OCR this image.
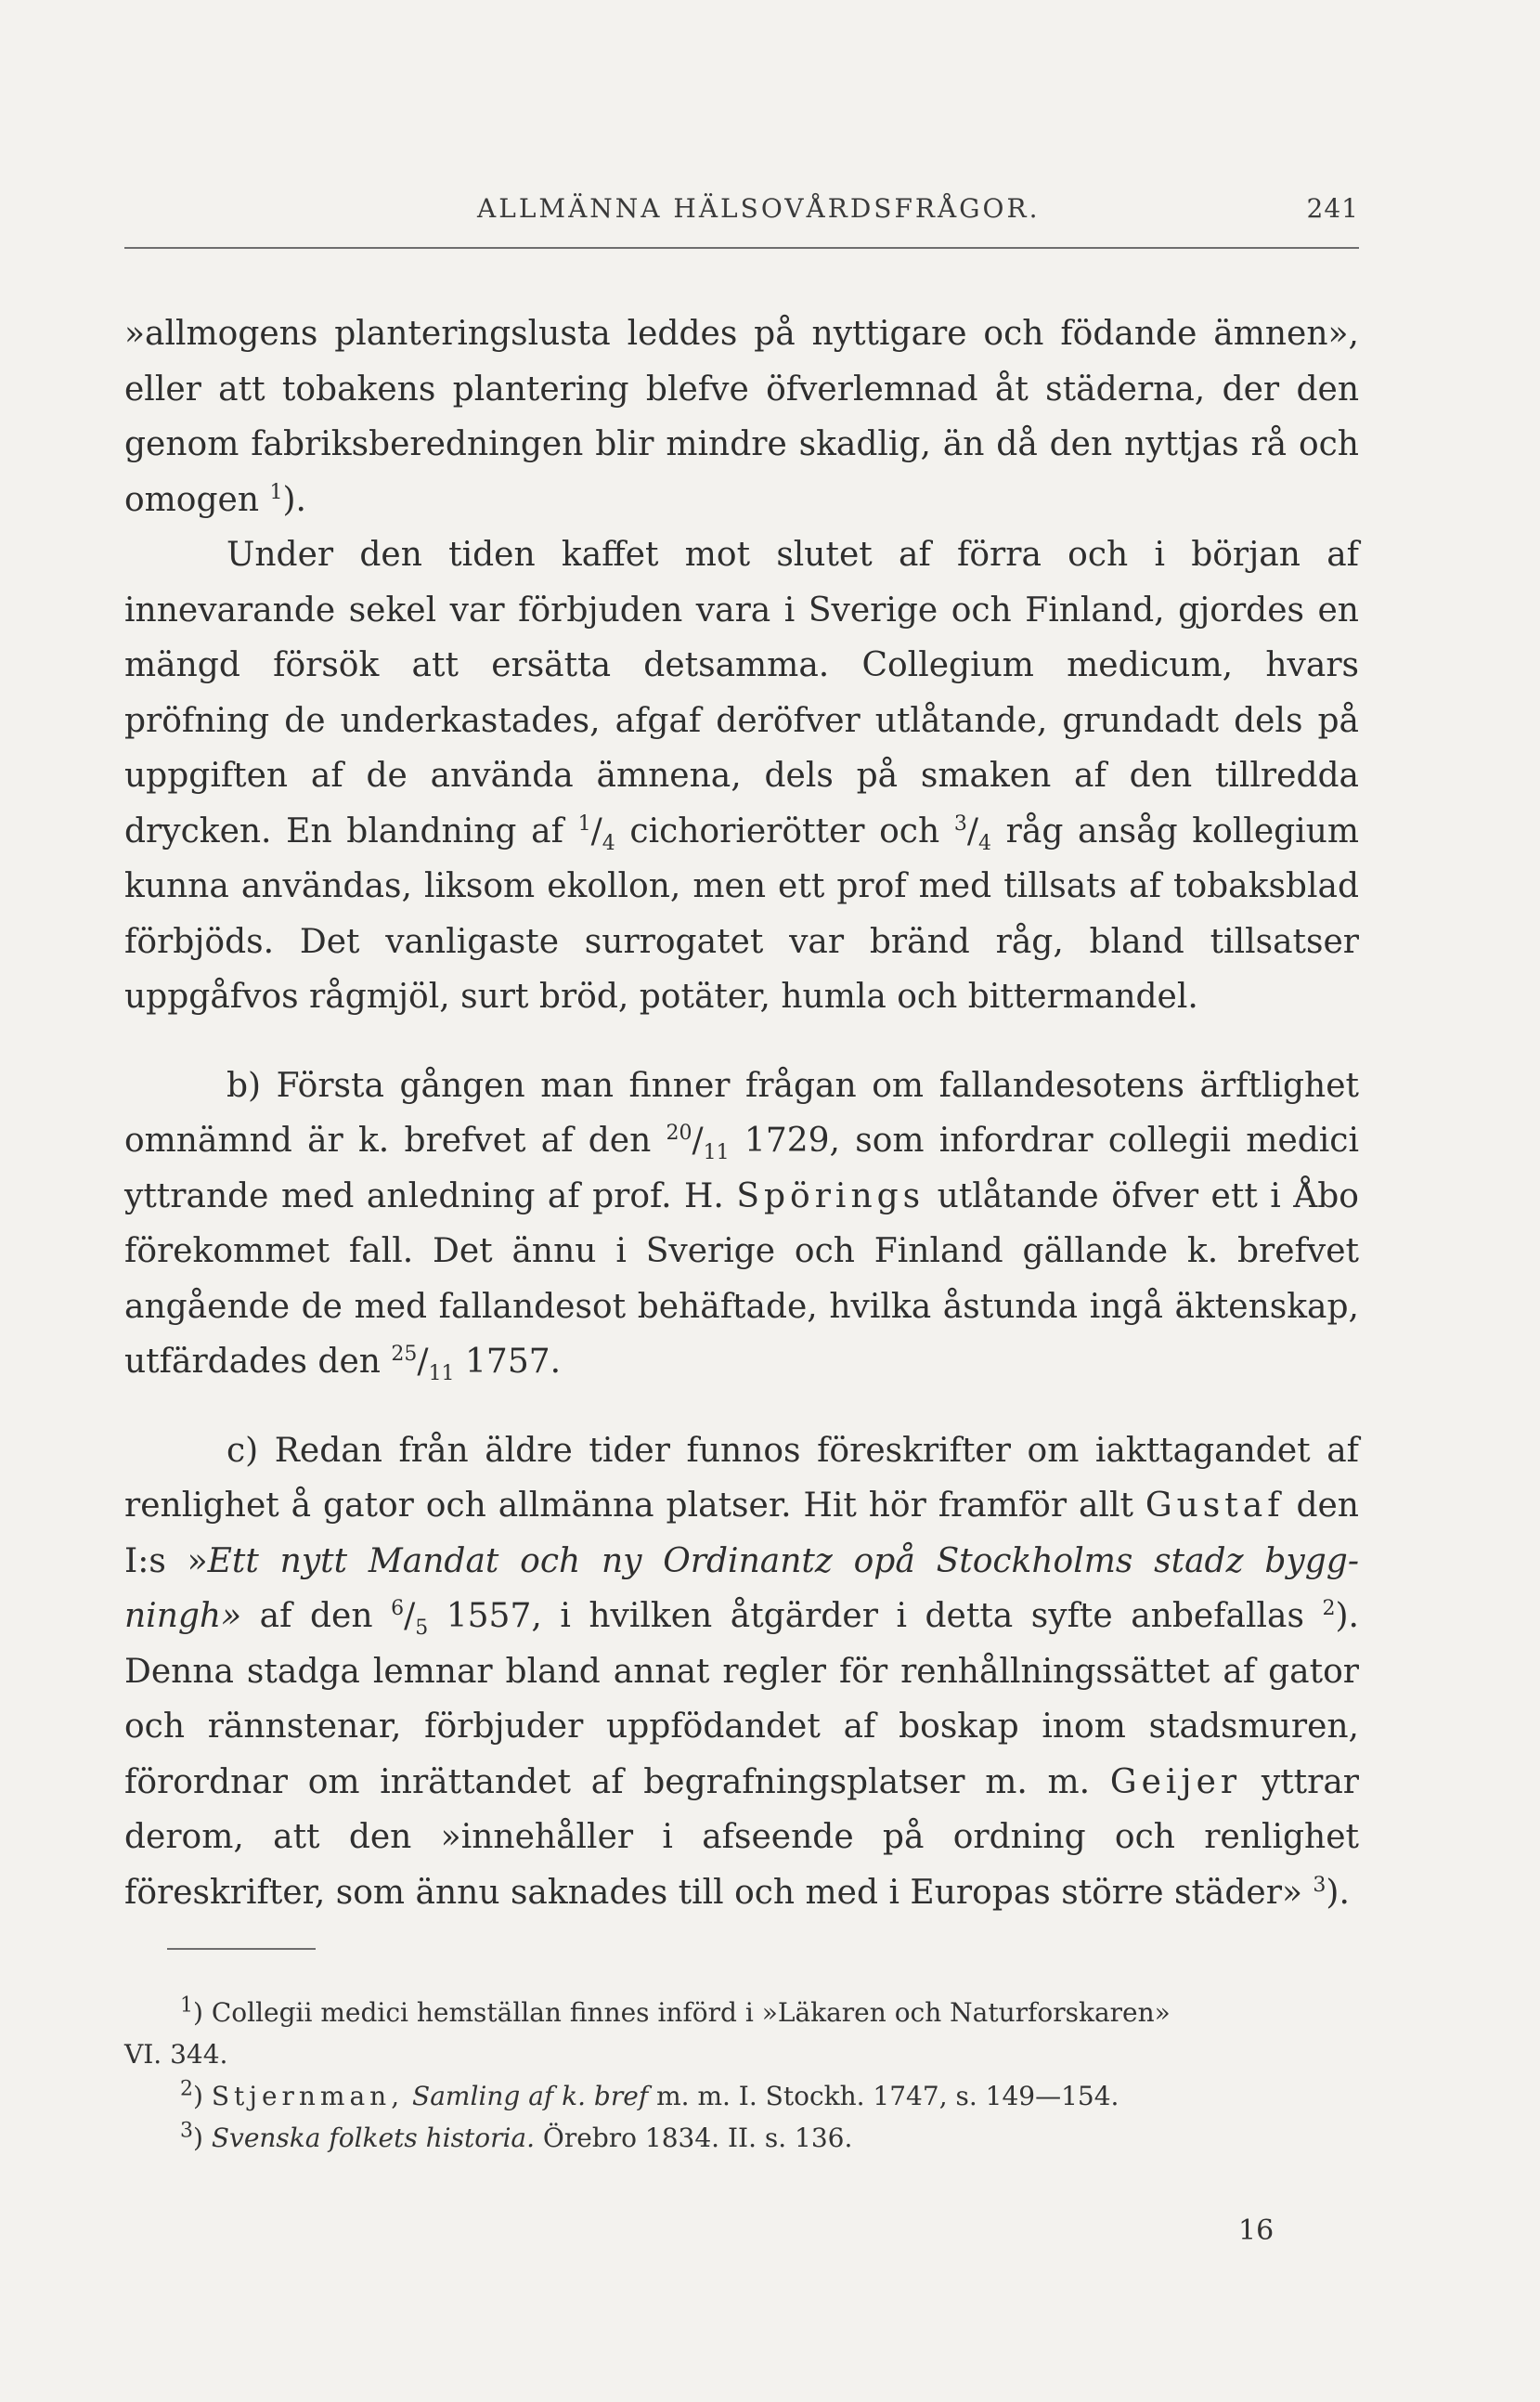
ALLMÄNNA HÄLSOVÅRDSFRÅGOR.	241

»allmogens planteringslusta leddes på nyttigare och födande ämnen», eller att tobakens plantering blefve öfverlemnad åt städerna, der den genom fabriksberedningen blir mindre skadlig, än då den nyttjas rå och omogen $^1$).

Under den tiden kaffet mot slutet af förra och i början af innevarande sekel var förbjuden vara i Sverige och Finland, gjordes en mängd försök att ersätta detsamma. Collegium medicum, hvars pröfning de underkastades, afgaf deröfver utlåtande, grundadt dels på uppgiften af de använda ämnena, dels på smaken af den tillredda drycken. En blandning af $^1/_4$ cichorierötter och $^3/_4$ råg ansåg kollegium kunna användas, liksom ekollon, men ett prof med tillsats af tobaksblad förbjöds. Det vanligaste surrogatet var bränd råg, bland tillsatser uppgåfvos rågmjöl, surt bröd, potäter, humla och bittermandel.

b) Första gången man finner frågan om fallandesotens ärftlighet omnämnd är k. brefvet af den $^{20}/_{11}$ 1729, som infordrar collegii medici yttrande med anledning af prof. H. Spörings utlåtande öfver ett i Åbo förekommet fall. Det ännu i Sverige och Finland gällande k. brefvet angående de med fallandesot behäftade, hvilka åstunda ingå äktenskap, utfärdades den $^{25}/_{11}$ 1757.

c) Redan från äldre tider funnos föreskrifter om iakttagandet af renlighet å gator och allmänna platser. Hit hör framför allt Gustaf den I:s »Ett nytt Mandat och ny Ordinantz opå Stockholms stadz bygg-ningh» af den $^6/_5$ 1557, i hvilken åtgärder i detta syfte anbefallas $^2$). Denna stadga lemnar bland annat regler för renhållningssättet af gator och rännstenar, förbjuder uppfödandet af boskap inom stadsmuren, förordnar om inrättandet af begrafningsplatser m. m. Geijer yttrar derom, att den »innehåller i afseende på ordning och renlighet föreskrifter, som ännu saknades till och med i Europas större städer» $^3$).

$^1$) Collegii medici hemställan finnes införd i »Läkaren och Naturforskaren»
VI. 344.
$^2$) Stjernman, Samling af k. bref m. m. I. Stockh. 1747, s. 149—154.
$^3$) Svenska folkets historia. Örebro 1834. II. s. 136.
16
